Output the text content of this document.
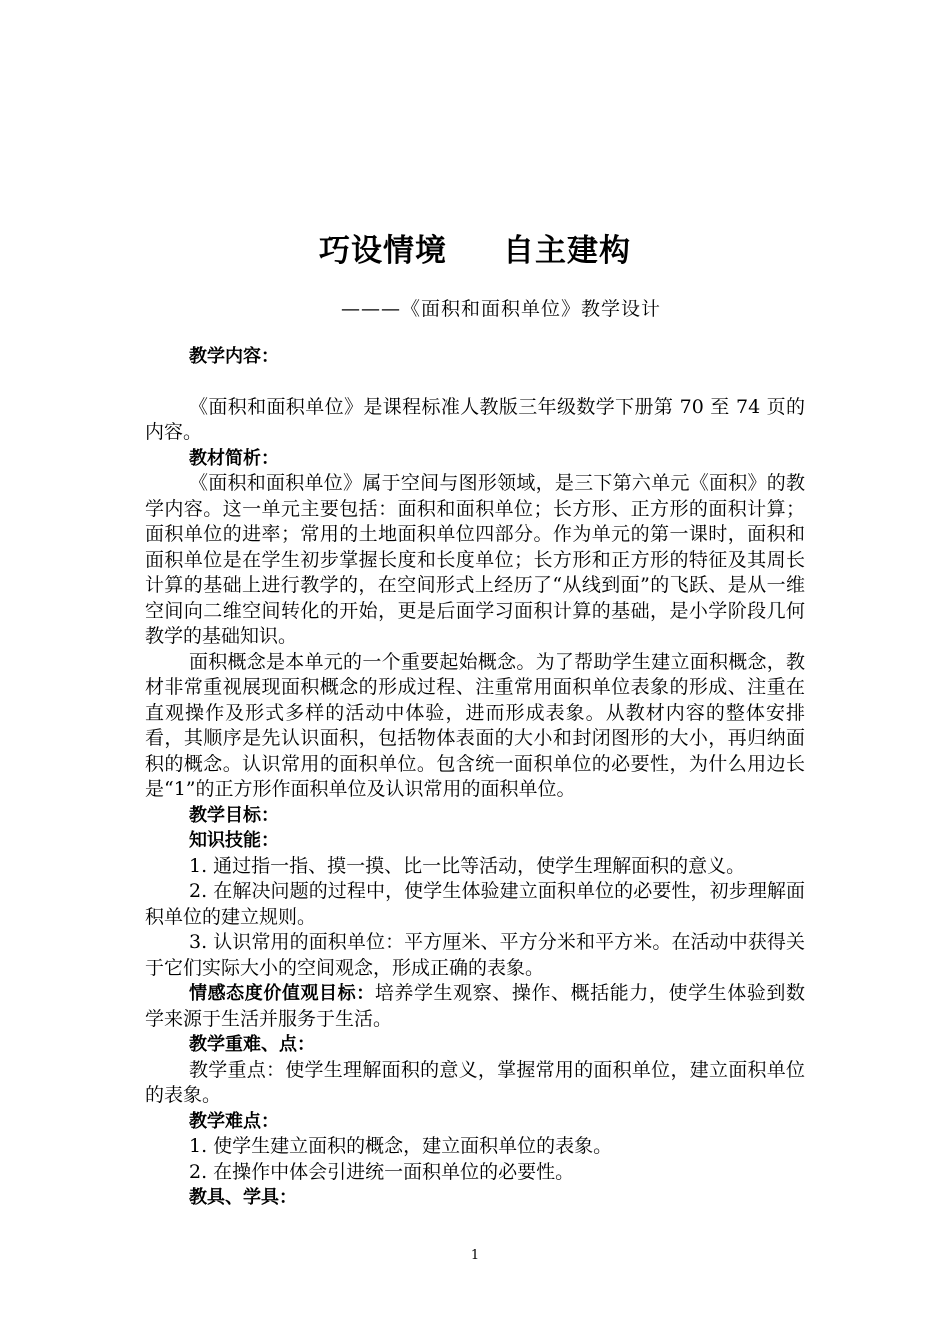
巧设情境 自主建构
———《面积和面积单位》教学设计

教学内容：

《面积和面积单位》是课程标准人教版三年级数学下册第 70 至 74 页的内容。

教材简析：

《面积和面积单位》属于空间与图形领域，是三下第六单元《面积》的教学内容。这一单元主要包括：面积和面积单位；长方形、正方形的面积计算；面积单位的进率；常用的土地面积单位四部分。作为单元的第一课时，面积和面积单位是在学生初步掌握长度和长度单位；长方形和正方形的特征及其周长计算的基础上进行教学的，在空间形式上经历了“从线到面”的飞跃、是从一维空间向二维空间转化的开始，更是后面学习面积计算的基础，是小学阶段几何教学的基础知识。

面积概念是本单元的一个重要起始概念。为了帮助学生建立面积概念，教材非常重视展现面积概念的形成过程、注重常用面积单位表象的形成、注重在直观操作及形式多样的活动中体验，进而形成表象。从教材内容的整体安排看，其顺序是先认识面积，包括物体表面的大小和封闭图形的大小，再归纳面积的概念。认识常用的面积单位。包含统一面积单位的必要性，为什么用边长是“1”的正方形作面积单位及认识常用的面积单位。

教学目标：

知识技能：

1. 通过指一指、摸一摸、比一比等活动，使学生理解面积的意义。

2. 在解决问题的过程中，使学生体验建立面积单位的必要性，初步理解面积单位的建立规则。

3. 认识常用的面积单位：平方厘米、平方分米和平方米。在活动中获得关于它们实际大小的空间观念，形成正确的表象。

情感态度价值观目标：培养学生观察、操作、概括能力，使学生体验到数学来源于生活并服务于生活。

教学重难、点：

教学重点：使学生理解面积的意义，掌握常用的面积单位，建立面积单位的表象。

教学难点：

1. 使学生建立面积的概念，建立面积单位的表象。

2. 在操作中体会引进统一面积单位的必要性。

教具、学具：

1
